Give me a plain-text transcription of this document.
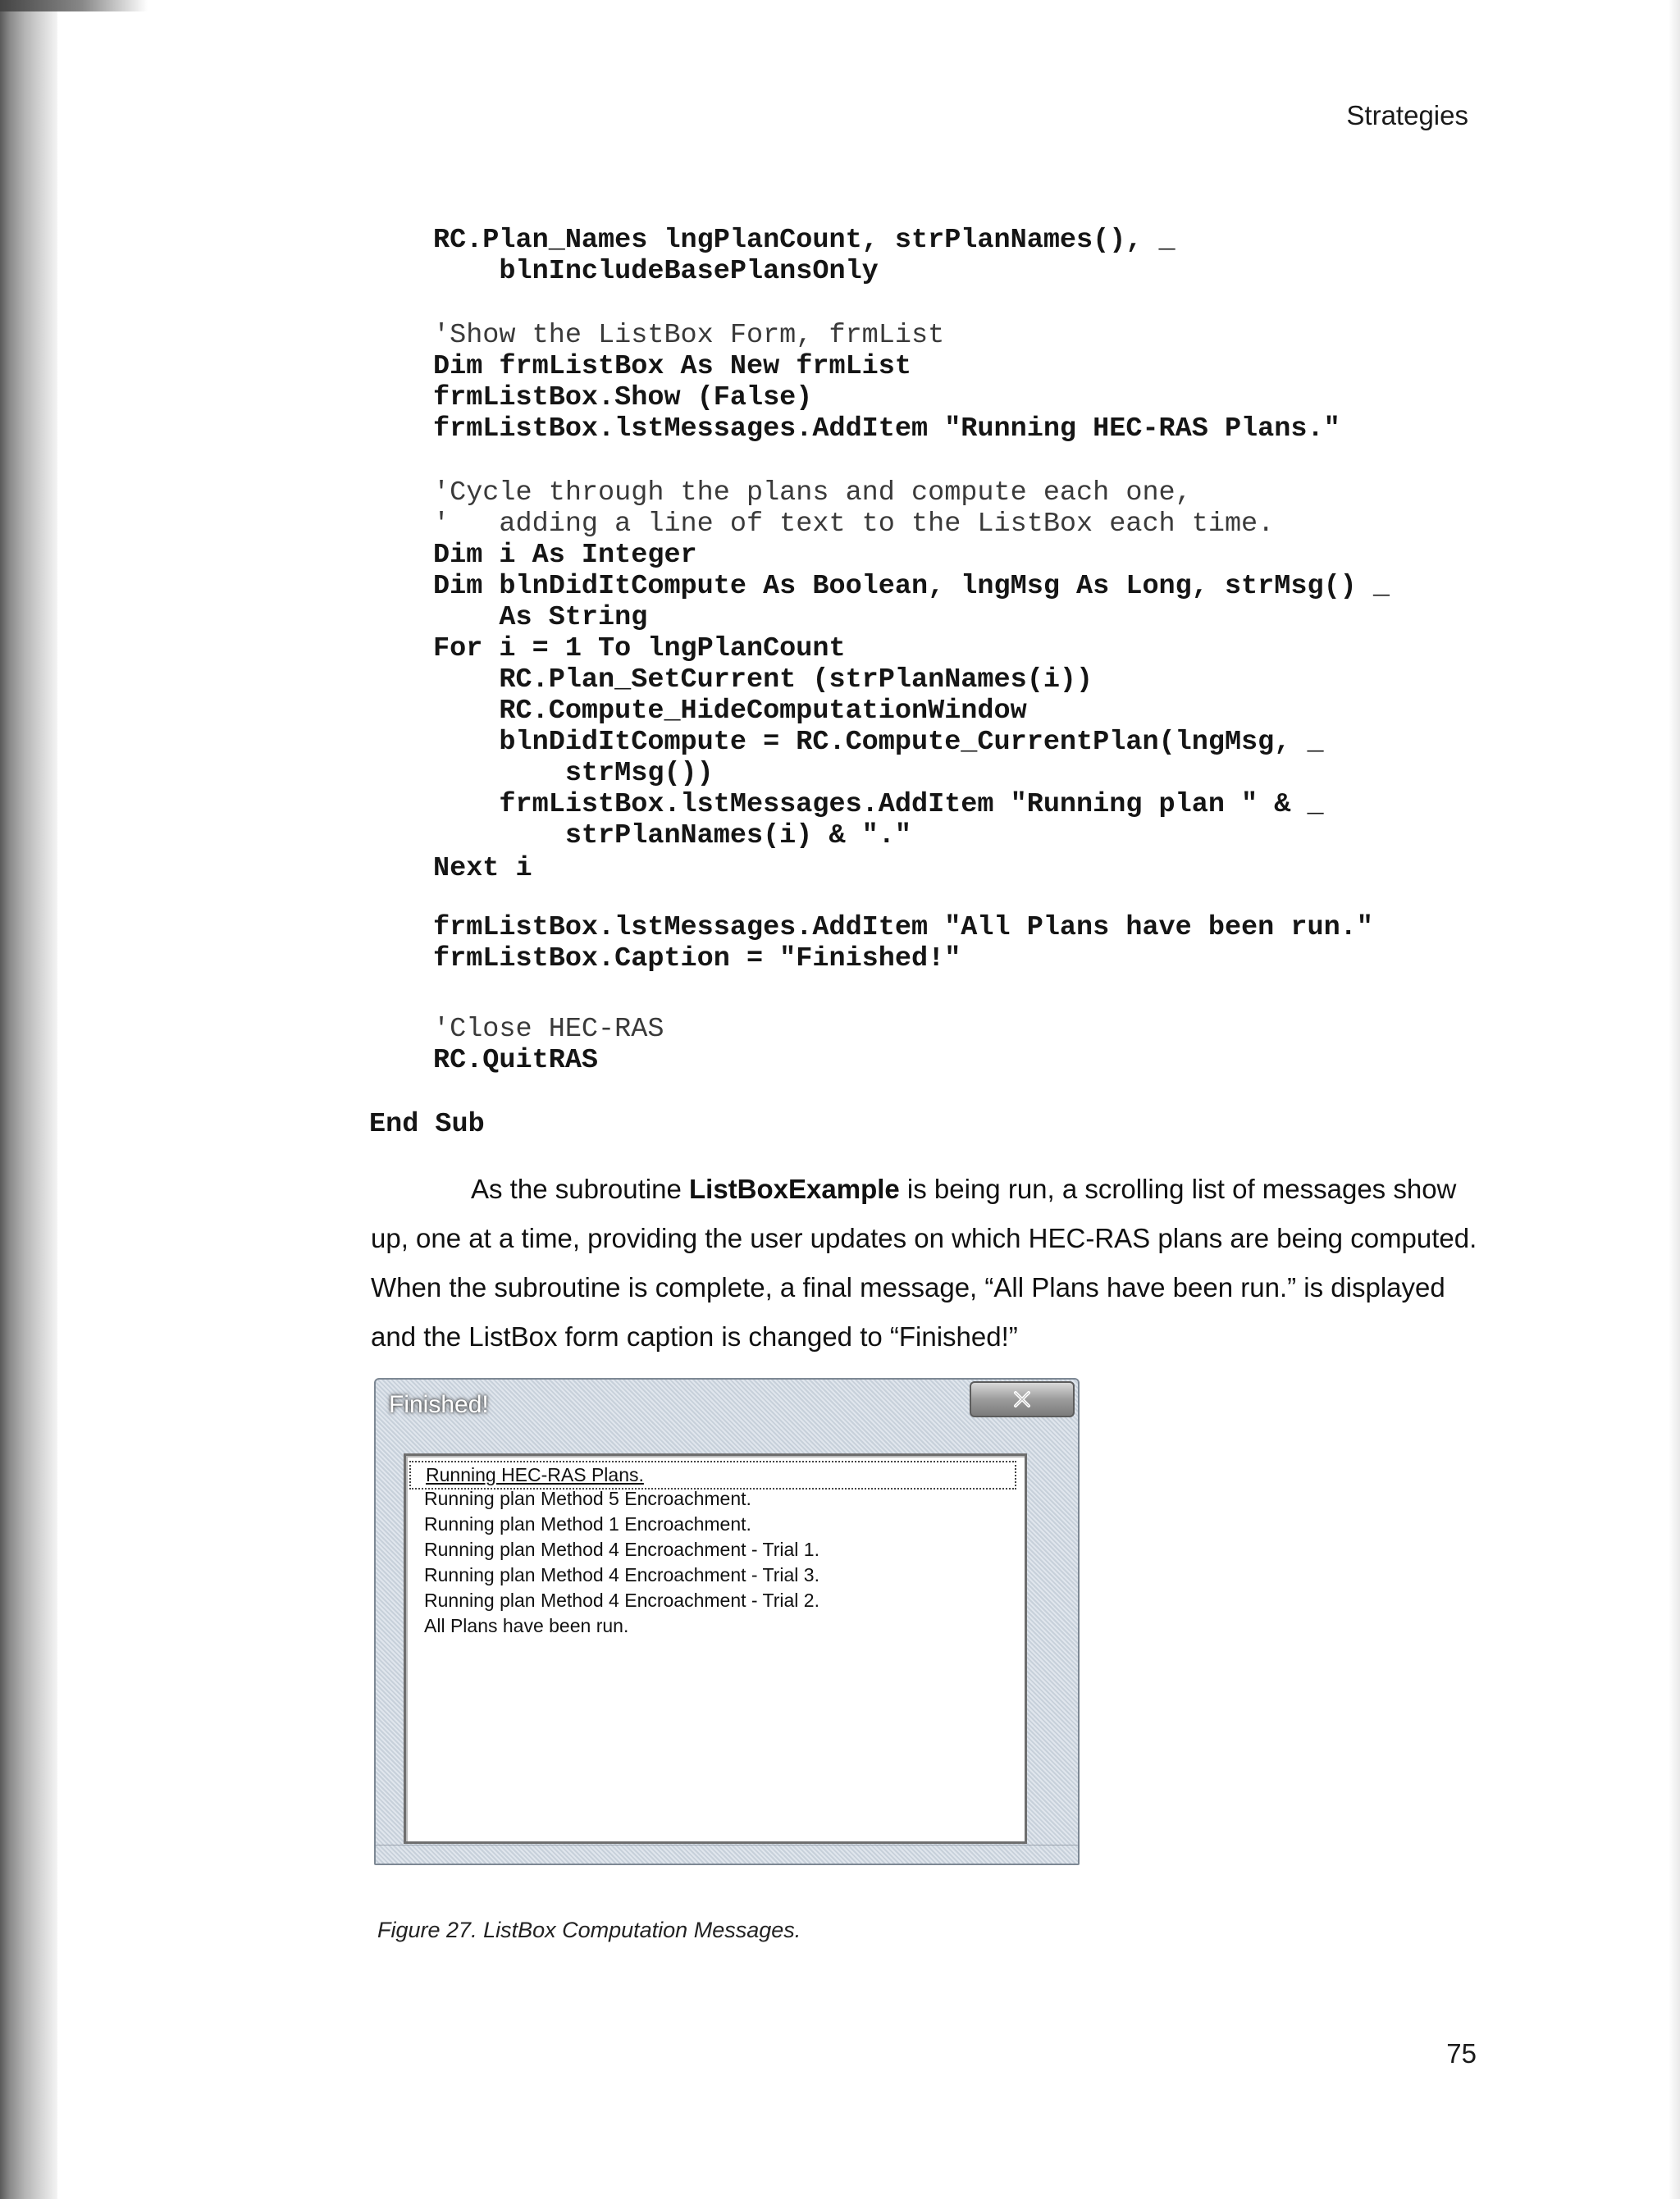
Strategies

RC.Plan_Names lngPlanCount, strPlanNames(), _
blnIncludeBasePlansOnly
'Show the ListBox Form, frmList
Dim frmListBox As New frmList
frmListBox.Show (False)
frmListBox.lstMessages.AddItem "Running HEC-RAS Plans."
'Cycle through the plans and compute each one,
'   adding a line of text to the ListBox each time.
Dim i As Integer
Dim blnDidItCompute As Boolean, lngMsg As Long, strMsg() _
As String
For i = 1 To lngPlanCount
RC.Plan_SetCurrent (strPlanNames(i))
RC.Compute_HideComputationWindow
blnDidItCompute = RC.Compute_CurrentPlan(lngMsg, _
strMsg())
frmListBox.lstMessages.AddItem "Running plan " & _
strPlanNames(i) & "."
Next i
frmListBox.lstMessages.AddItem "All Plans have been run."
frmListBox.Caption = "Finished!"
'Close HEC-RAS
RC.QuitRAS
End Sub

As the subroutine ListBoxExample is being run, a scrolling list of messages show up, one at a time, providing the user updates on which HEC-RAS plans are being computed. When the subroutine is complete, a final message, “All Plans have been run.” is displayed and the ListBox form caption is changed to “Finished!”

Finished!
Running HEC-RAS Plans.
Running plan Method 5 Encroachment.
Running plan Method 1 Encroachment.
Running plan Method 4 Encroachment - Trial 1.
Running plan Method 4 Encroachment - Trial 3.
Running plan Method 4 Encroachment - Trial 2.
All Plans have been run.

Figure 27. ListBox Computation Messages.

75
